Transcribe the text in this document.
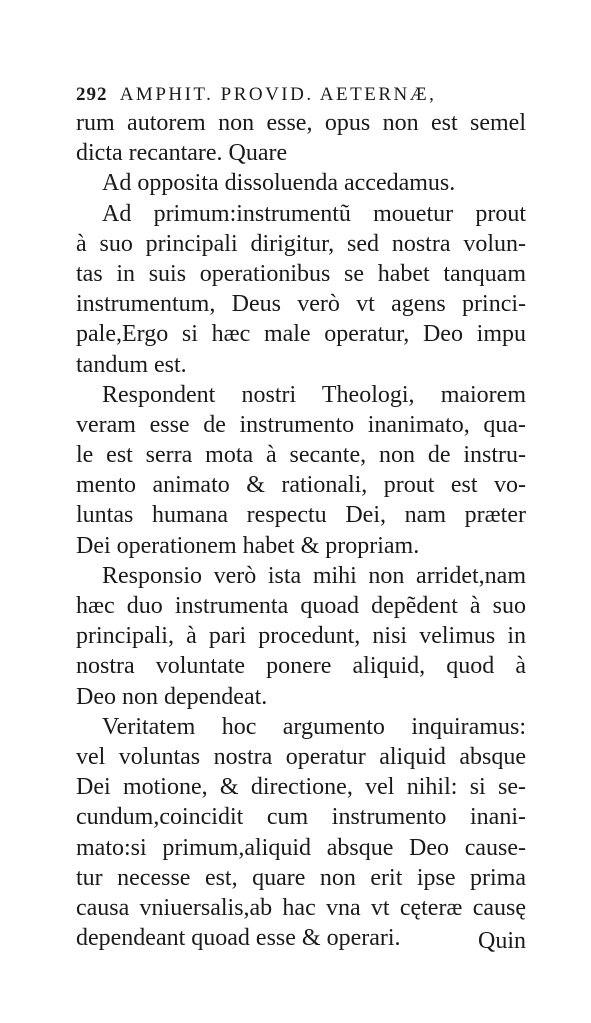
292 AMPHIT. PROVID. AETERNÆ,
rum autorem non esse, opus non est semel
dicta recantare. Quare
Ad opposita dissoluenda accedamus.
Ad primum:instrumentũ mouetur prout
à suo principali dirigitur, sed nostra volun-
tas in suis operationibus se habet tanquam
instrumentum, Deus verò vt agens princi-
pale,Ergo si hæc male operatur, Deo impu
tandum est.
Respondent nostri Theologi, maiorem
veram esse de instrumento inanimato, qua-
le est serra mota à secante, non de instru-
mento animato & rationali, prout est vo-
luntas humana respectu Dei, nam præter
Dei operationem habet & propriam.
Responsio verò ista mihi non arridet,nam
hæc duo instrumenta quoad depẽdent à suo
principali, à pari procedunt, nisi velimus in
nostra voluntate ponere aliquid, quod à
Deo non dependeat.
Veritatem hoc argumento inquiramus:
vel voluntas nostra operatur aliquid absque
Dei motione, & directione, vel nihil: si se-
cundum,coincidit cum instrumento inani-
mato:si primum,aliquid absque Deo cause-
tur necesse est, quare non erit ipse prima
causa vniuersalis,ab hac vna vt cęteræ causę
dependeant quoad esse & operari.	Quin
